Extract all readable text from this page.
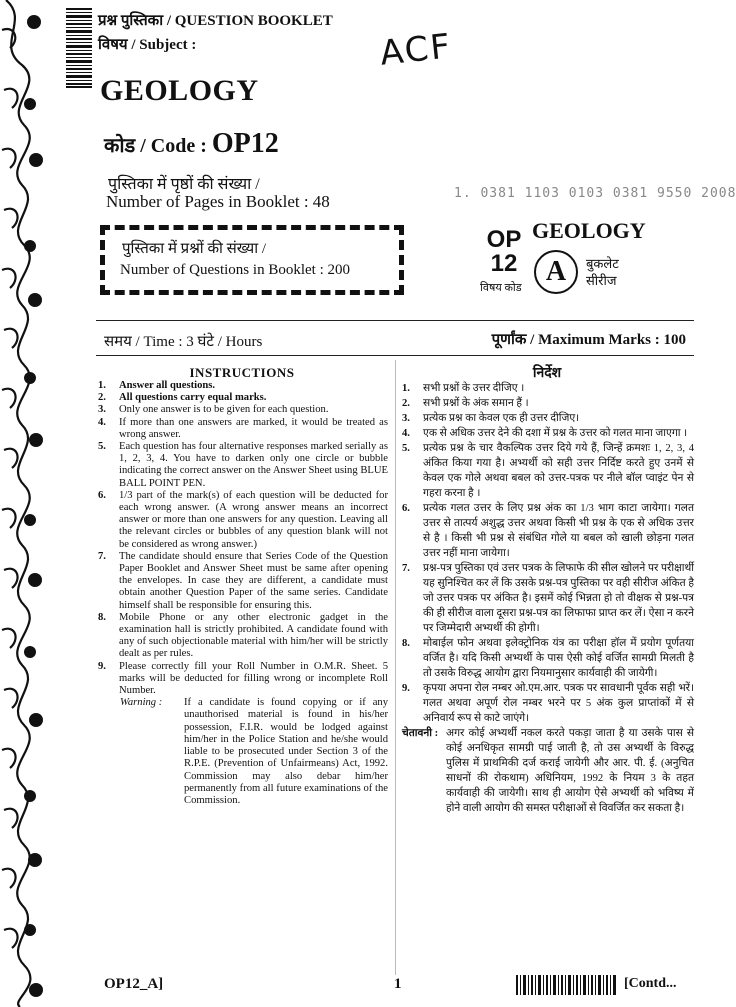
प्रश्न पुस्तिका / QUESTION BOOKLET
विषय / Subject :	ACF
GEOLOGY
कोड / Code : OP12
पुस्तिका में पृष्ठों की संख्या /
Number of Pages in Booklet : 48	1. 0381 1103 0103 0381 9550 2008
पुस्तिका में प्रश्नों की संख्या /
Number of Questions in Booklet : 200
GEOLOGY
OP
12
विषय कोड
A बुकलेट सीरीज
समय / Time : 3 घंटे / Hours	पूर्णांक / Maximum Marks : 100
INSTRUCTIONS	निर्देश
1.	Answer all questions.
2.	All questions carry equal marks.
3.	Only one answer is to be given for each question.
4.	If more than one answers are marked, it would be treated as wrong answer.
5.	Each question has four alternative responses marked serially as 1, 2, 3, 4. You have to darken only one circle or bubble indicating the correct answer on the Answer Sheet using BLUE BALL POINT PEN.
6.	1/3 part of the mark(s) of each question will be deducted for each wrong answer. (A wrong answer means an incorrect answer or more than one answers for any question. Leaving all the relevant circles or bubbles of any question blank will not be considered as wrong answer.)
7.	The candidate should ensure that Series Code of the Question Paper Booklet and Answer Sheet must be same after opening the envelopes. In case they are different, a candidate must obtain another Question Paper of the same series. Candidate himself shall be responsible for ensuring this.
8.	Mobile Phone or any other electronic gadget in the examination hall is strictly prohibited. A candidate found with any of such objectionable material with him/her will be strictly dealt as per rules.
9.	Please correctly fill your Roll Number in O.M.R. Sheet. 5 marks will be deducted for filling wrong or incomplete Roll Number.
Warning :	If a candidate is found copying or if any unauthorised material is found in his/her possession, F.I.R. would be lodged against him/her in the Police Station and he/she would liable to be prosecuted under Section 3 of the R.P.E. (Prevention of Unfairmeans) Act, 1992. Commission may also debar him/her permanently from all future examinations of the Commission.
1.	सभी प्रश्नों के उत्तर दीजिए ।
2.	सभी प्रश्नों के अंक समान हैं ।
3.	प्रत्येक प्रश्न का केवल एक ही उत्तर दीजिए।
4.	एक से अधिक उत्तर देने की दशा में प्रश्न के उत्तर को गलत माना जाएगा ।
5.	प्रत्येक प्रश्न के चार वैकल्पिक उत्तर दिये गये हैं, जिन्हें क्रमशः 1, 2, 3, 4 अंकित किया गया है। अभ्यर्थी को सही उत्तर निर्दिष्ट करते हुए उनमें से केवल एक गोले अथवा बबल को उत्तर-पत्रक पर नीले बॉल प्वाइंट पेन से गहरा करना है ।
6.	प्रत्येक गलत उत्तर के लिए प्रश्न अंक का 1/3 भाग काटा जायेगा। गलत उत्तर से तात्पर्य अशुद्ध उत्तर अथवा किसी भी प्रश्न के एक से अधिक उत्तर से है । किसी भी प्रश्न से संबंधित गोले या बबल को खाली छोड़ना गलत उत्तर नहीं माना जायेगा।
7.	प्रश्न-पत्र पुस्तिका एवं उत्तर पत्रक के लिफाफे की सील खोलने पर परीक्षार्थी यह सुनिश्चित कर लें कि उसके प्रश्न-पत्र पुस्तिका पर वही सीरीज अंकित है जो उत्तर पत्रक पर अंकित है। इसमें कोई भिन्नता हो तो वीक्षक से प्रश्न-पत्र की ही सीरीज वाला दूसरा प्रश्न-पत्र का लिफाफा प्राप्त कर लें। ऐसा न करने पर जिम्मेदारी अभ्यर्थी की होगी।
8.	मोबाईल फोन अथवा इलेक्ट्रोनिक यंत्र का परीक्षा हॉल में प्रयोग पूर्णतया वर्जित है। यदि किसी अभ्यर्थी के पास ऐसी कोई वर्जित सामग्री मिलती है तो उसके विरुद्ध आयोग द्वारा नियमानुसार कार्यवाही की जायेगी।
9.	कृपया अपना रोल नम्बर ओ.एम.आर. पत्रक पर सावधानी पूर्वक सही भरें। गलत अथवा अपूर्ण रोल नम्बर भरने पर 5 अंक कुल प्राप्तांकों में से अनिवार्य रूप से काटे जाएंगे।
चेतावनी : अगर कोई अभ्यर्थी नकल करते पकड़ा जाता है या उसके पास से कोई अनधिकृत सामग्री पाई जाती है, तो उस अभ्यर्थी के विरुद्ध पुलिस में प्राथमिकी दर्ज कराई जायेगी और आर. पी. ई. (अनुचित साधनों की रोकथाम) अधिनियम, 1992 के नियम 3 के तहत कार्यवाही की जायेगी। साथ ही आयोग ऐसे अभ्यर्थी को भविष्य में होने वाली आयोग की समस्त परीक्षाओं से विवर्जित कर सकता है।
OP12_A]	1	[Contd...
